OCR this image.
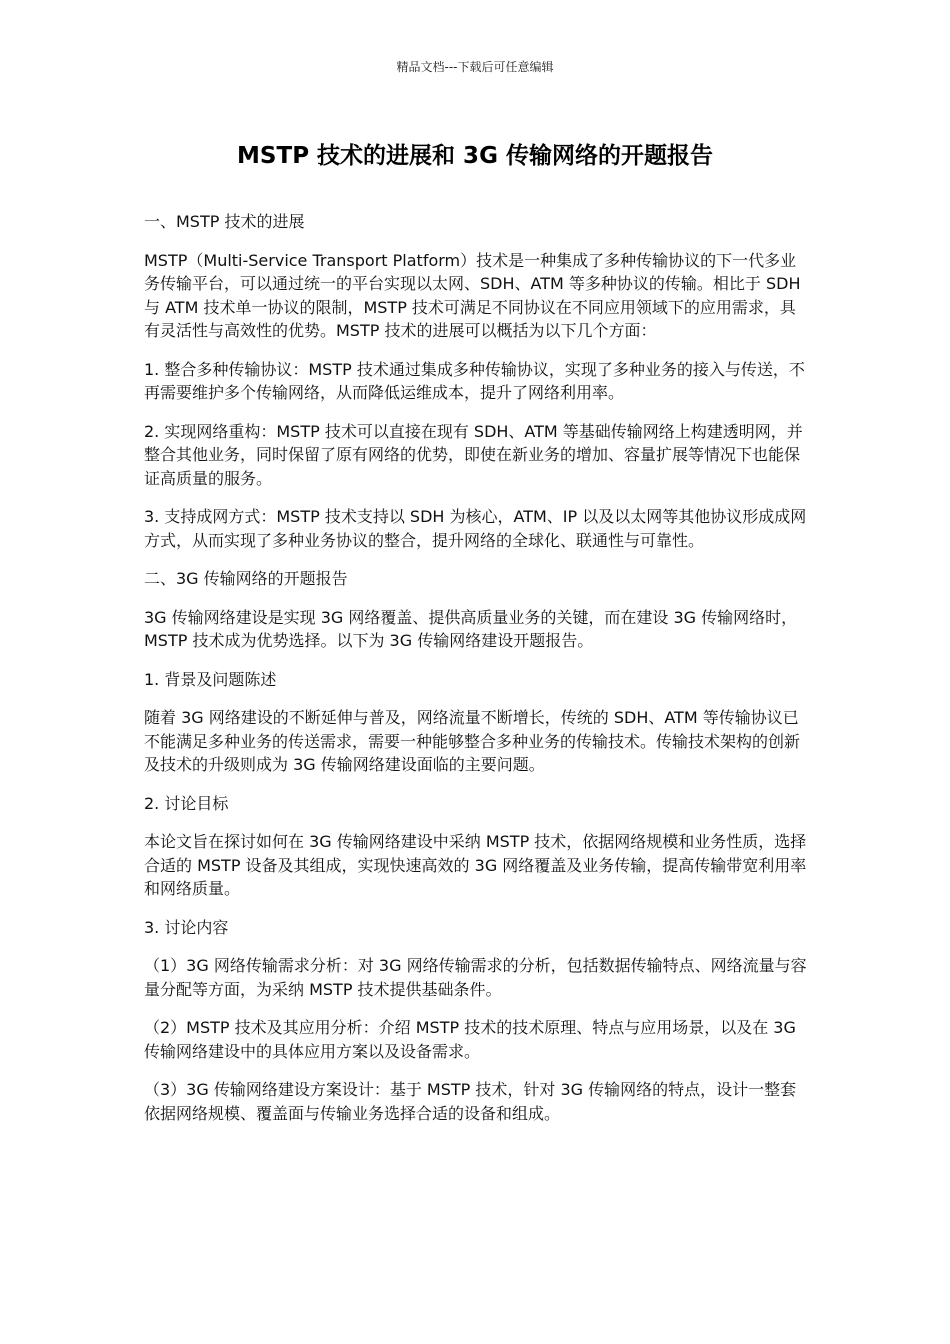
精品文档---下载后可任意编辑
MSTP 技术的进展和 3G 传输网络的开题报告
一、MSTP 技术的进展
MSTP（Multi-Service Transport Platform）技术是一种集成了多种传输协议的下一代多业务传输平台，可以通过统一的平台实现以太网、SDH、ATM 等多种协议的传输。相比于 SDH 与 ATM 技术单一协议的限制，MSTP 技术可满足不同协议在不同应用领域下的应用需求，具有灵活性与高效性的优势。MSTP 技术的进展可以概括为以下几个方面：
1. 整合多种传输协议：MSTP 技术通过集成多种传输协议，实现了多种业务的接入与传送，不再需要维护多个传输网络，从而降低运维成本，提升了网络利用率。
2. 实现网络重构：MSTP 技术可以直接在现有 SDH、ATM 等基础传输网络上构建透明网，并整合其他业务，同时保留了原有网络的优势，即使在新业务的增加、容量扩展等情况下也能保证高质量的服务。
3. 支持成网方式：MSTP 技术支持以 SDH 为核心，ATM、IP 以及以太网等其他协议形成成网方式，从而实现了多种业务协议的整合，提升网络的全球化、联通性与可靠性。
二、3G 传输网络的开题报告
3G 传输网络建设是实现 3G 网络覆盖、提供高质量业务的关键，而在建设 3G 传输网络时，MSTP 技术成为优势选择。以下为 3G 传输网络建设开题报告。
1. 背景及问题陈述
随着 3G 网络建设的不断延伸与普及，网络流量不断增长，传统的 SDH、ATM 等传输协议已不能满足多种业务的传送需求，需要一种能够整合多种业务的传输技术。传输技术架构的创新及技术的升级则成为 3G 传输网络建设面临的主要问题。
2. 讨论目标
本论文旨在探讨如何在 3G 传输网络建设中采纳 MSTP 技术，依据网络规模和业务性质，选择合适的 MSTP 设备及其组成，实现快速高效的 3G 网络覆盖及业务传输，提高传输带宽利用率和网络质量。
3. 讨论内容
（1）3G 网络传输需求分析：对 3G 网络传输需求的分析，包括数据传输特点、网络流量与容量分配等方面，为采纳 MSTP 技术提供基础条件。
（2）MSTP 技术及其应用分析：介绍 MSTP 技术的技术原理、特点与应用场景，以及在 3G 传输网络建设中的具体应用方案以及设备需求。
（3）3G 传输网络建设方案设计：基于 MSTP 技术，针对 3G 传输网络的特点，设计一整套依据网络规模、覆盖面与传输业务选择合适的设备和组成。
